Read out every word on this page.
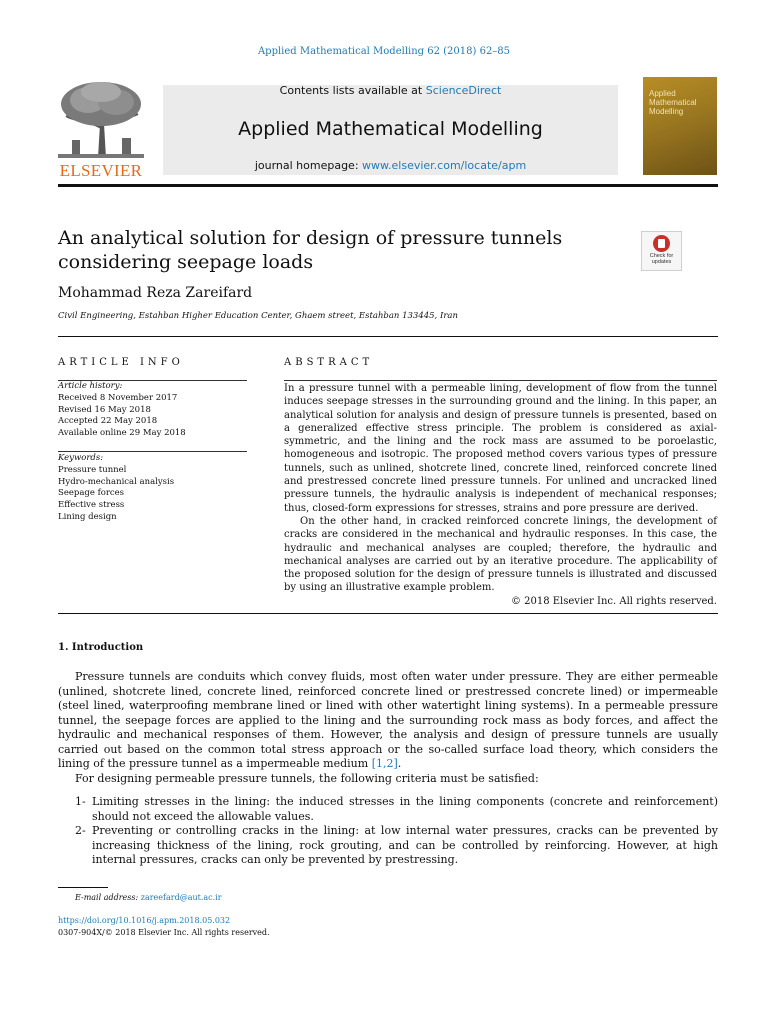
Applied Mathematical Modelling 62 (2018) 62–85
ELSEVIER
Contents lists available at ScienceDirect
Applied Mathematical Modelling
journal homepage: www.elsevier.com/locate/apm
Applied Mathematical Modelling
An analytical solution for design of pressure tunnels
considering seepage loads	Check for updates
Mohammad Reza Zareifard
Civil Engineering, Estahban Higher Education Center, Ghaem street, Estahban 133445, Iran
ARTICLE INFO	ABSTRACT
Article history:
Received 8 November 2017
Revised 16 May 2018
Accepted 22 May 2018
Available online 29 May 2018
Keywords:
Pressure tunnel
Hydro-mechanical analysis
Seepage forces
Effective stress
Lining design

In a pressure tunnel with a permeable lining, development of flow from the tunnel induces seepage stresses in the surrounding ground and the lining. In this paper, an analytical solution for analysis and design of pressure tunnels is presented, based on a generalized effective stress principle. The problem is considered as axial-symmetric, and the lining and the rock mass are assumed to be poroelastic, homogeneous and isotropic. The proposed method covers various types of pressure tunnels, such as unlined, shotcrete lined, concrete lined, reinforced concrete lined and prestressed concrete lined pressure tunnels. For unlined and uncracked lined pressure tunnels, the hydraulic analysis is independent of mechanical responses; thus, closed-form expressions for stresses, strains and pore pressure are derived.

On the other hand, in cracked reinforced concrete linings, the development of cracks are considered in the mechanical and hydraulic responses. In this case, the hydraulic and mechanical analyses are coupled; therefore, the hydraulic and mechanical analyses are carried out by an iterative procedure. The applicability of the proposed solution for the design of pressure tunnels is illustrated and discussed by using an illustrative example problem.

© 2018 Elsevier Inc. All rights reserved.

1. Introduction

Pressure tunnels are conduits which convey fluids, most often water under pressure. They are either permeable (unlined, shotcrete lined, concrete lined, reinforced concrete lined or prestressed concrete lined) or impermeable (steel lined, waterproofing membrane lined or lined with other watertight lining systems). In a permeable pressure tunnel, the seepage forces are applied to the lining and the surrounding rock mass as body forces, and affect the hydraulic and mechanical responses of them. However, the analysis and design of pressure tunnels are usually carried out based on the common total stress approach or the so-called surface load theory, which considers the lining of the pressure tunnel as a impermeable medium [1,2].

For designing permeable pressure tunnels, the following criteria must be satisfied:

1- Limiting stresses in the lining: the induced stresses in the lining components (concrete and reinforcement) should not exceed the allowable values.
2- Preventing or controlling cracks in the lining: at low internal water pressures, cracks can be prevented by increasing thickness of the lining, rock grouting, and can be controlled by reinforcing. However, at high internal pressures, cracks can only be prevented by prestressing.
E-mail address: zareefard@aut.ac.ir
https://doi.org/10.1016/j.apm.2018.05.032
0307-904X/© 2018 Elsevier Inc. All rights reserved.
